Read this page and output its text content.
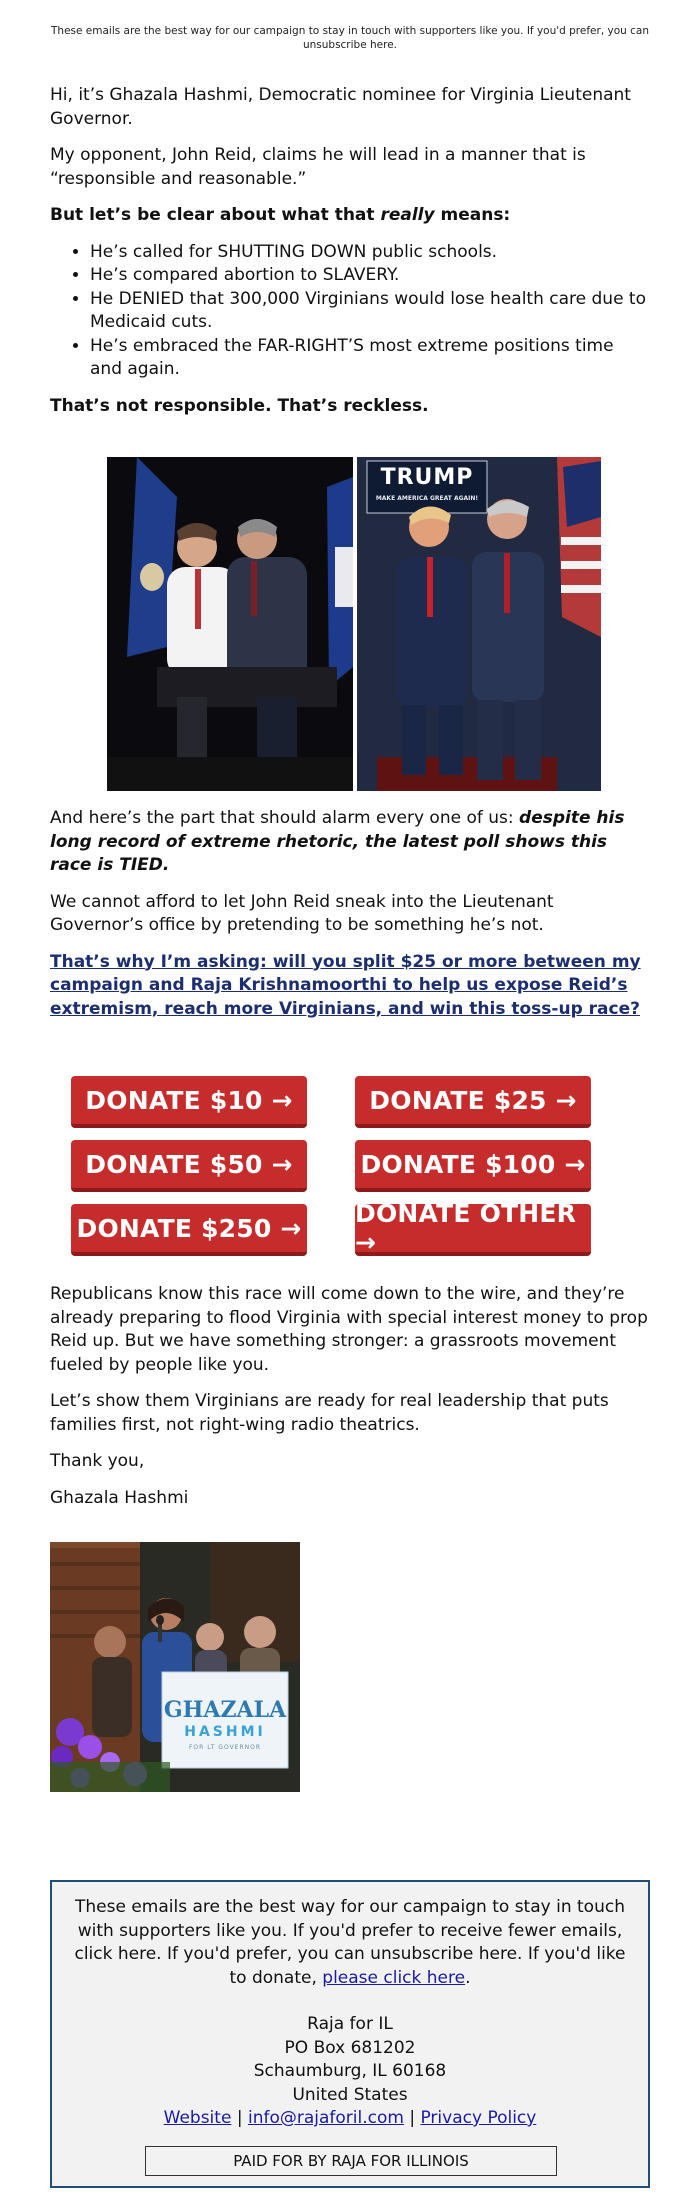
These emails are the best way for our campaign to stay in touch with supporters like you. If you'd prefer, you can unsubscribe here.

Hi, it’s Ghazala Hashmi, Democratic nominee for Virginia Lieutenant Governor.

My opponent, John Reid, claims he will lead in a manner that is “responsible and reasonable.”

But let’s be clear about what that really means:

• He’s called for SHUTTING DOWN public schools.
• He’s compared abortion to SLAVERY.
• He DENIED that 300,000 Virginians would lose health care due to Medicaid cuts.
• He’s embraced the FAR-RIGHT’S most extreme positions time and again.

That’s not responsible. That’s reckless.

TRUMP
MAKE AMERICA GREAT AGAIN!

And here’s the part that should alarm every one of us: despite his long record of extreme rhetoric, the latest poll shows this race is TIED.

We cannot afford to let John Reid sneak into the Lieutenant Governor’s office by pretending to be something he’s not.

That’s why I’m asking: will you split $25 or more between my campaign and Raja Krishnamoorthi to help us expose Reid’s extremism, reach more Virginians, and win this toss-up race?

DONATE $10 →	DONATE $25 →
DONATE $50 →	DONATE $100 →
DONATE $250 → DONATE OTHER →

Republicans know this race will come down to the wire, and they’re already preparing to flood Virginia with special interest money to prop Reid up. But we have something stronger: a grassroots movement fueled by people like you.

Let’s show them Virginians are ready for real leadership that puts families first, not right-wing radio theatrics.

Thank you,

Ghazala Hashmi

GHAZALA
HASHMI
FOR LT GOVERNOR
These emails are the best way for our campaign to stay in touch with supporters like you. If you'd prefer to receive fewer emails, click here. If you'd prefer, you can unsubscribe here. If you'd like to donate, please click here.
Raja for IL
PO Box 681202
Schaumburg, IL 60168
United States
Website | info@rajaforil.com | Privacy Policy
PAID FOR BY RAJA FOR ILLINOIS
